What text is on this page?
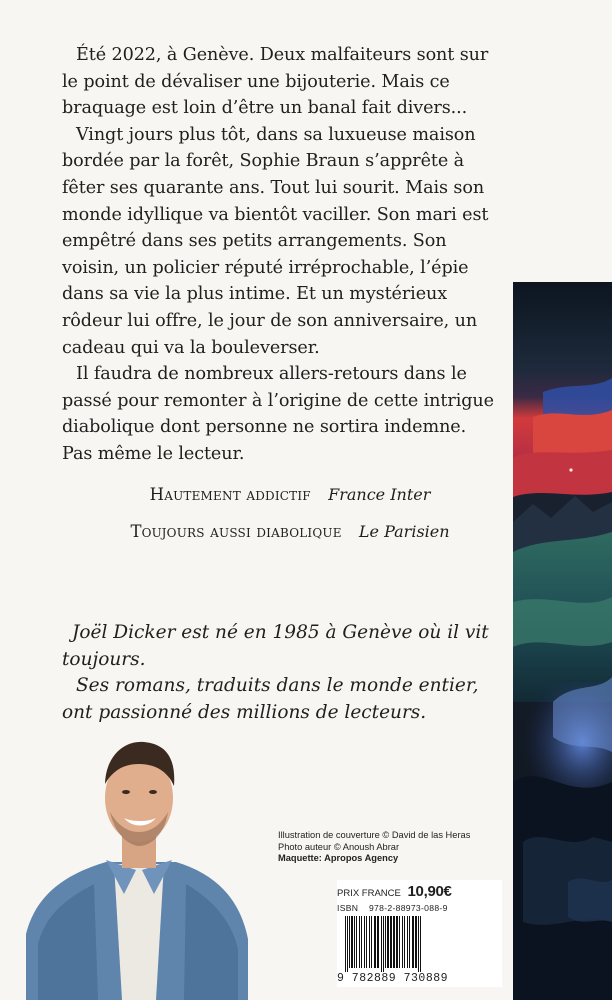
Été 2022, à Genève. Deux malfaiteurs sont sur le point de dévaliser une bijouterie. Mais ce braquage est loin d’être un banal fait divers...

Vingt jours plus tôt, dans sa luxueuse maison bordée par la forêt, Sophie Braun s’apprête à fêter ses quarante ans. Tout lui sourit. Mais son monde idyllique va bientôt vaciller. Son mari est empêtré dans ses petits arrangements. Son voisin, un policier réputé irréprochable, l’épie dans sa vie la plus intime. Et un mystérieux rôdeur lui offre, le jour de son anniversaire, un cadeau qui va la bouleverser.

Il faudra de nombreux allers-retours dans le passé pour remonter à l’origine de cette intrigue diabolique dont personne ne sortira indemne. Pas même le lecteur.

Hautement addictif France Inter
Toujours aussi diabolique Le Parisien

Joël Dicker est né en 1985 à Genève où il vit toujours.

Ses romans, traduits dans le monde entier, ont passionné des millions de lecteurs.

Illustration de couverture © David de las Heras
Photo auteur © Anoush Abrar
Maquette: Apropos Agency
PRIX FRANCE 10,90€
ISBN 978-2-88973-088-9
9 782889 730889
